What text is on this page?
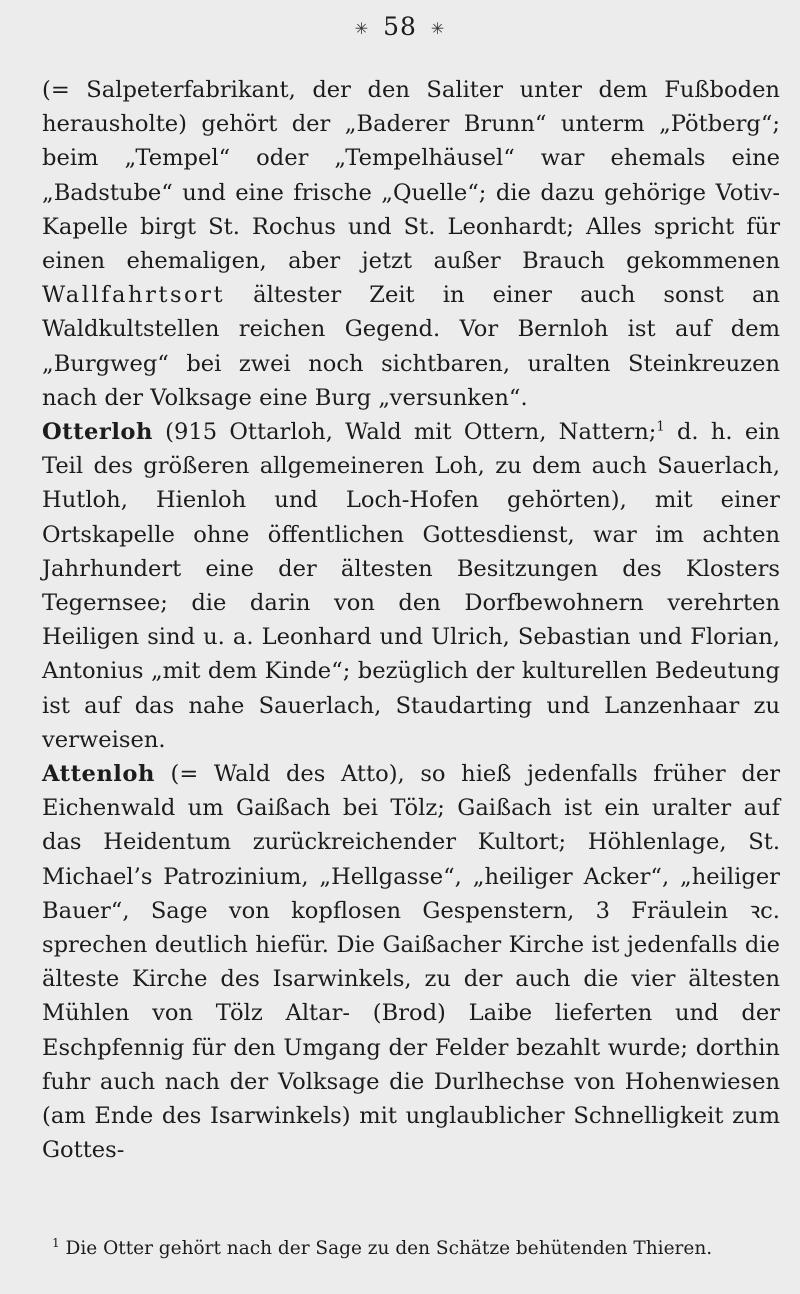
✳ 58 ✳

(= Salpeterfabrikant, der den Saliter unter dem Fußboden herausholte) gehört der „Baderer Brunn“ unterm „Pötberg“; beim „Tempel“ oder „Tempelhäusel“ war ehemals eine „Badstube“ und eine frische „Quelle“; die dazu gehörige Votiv-Kapelle birgt St. Rochus und St. Leonhardt; Alles spricht für einen ehemaligen, aber jetzt außer Brauch gekommenen Wallfahrtsort ältester Zeit in einer auch sonst an Waldkultstellen reichen Gegend. Vor Bernloh ist auf dem „Burgweg“ bei zwei noch sichtbaren, uralten Steinkreuzen nach der Volksage eine Burg „versunken“.

Otterloh (915 Ottarloh, Wald mit Ottern, Nattern;$^1$ d. h. ein Teil des größeren allgemeineren Loh, zu dem auch Sauerlach, Hutloh, Hienloh und Loch-Hofen gehörten), mit einer Ortskapelle ohne öffentlichen Gottesdienst, war im achten Jahrhundert eine der ältesten Besitzungen des Klosters Tegernsee; die darin von den Dorfbewohnern verehrten Heiligen sind u. a. Leonhard und Ulrich, Sebastian und Florian, Antonius „mit dem Kinde“; bezüglich der kulturellen Bedeutung ist auf das nahe Sauerlach, Staudarting und Lanzenhaar zu verweisen.

Attenloh (= Wald des Atto), so hieß jedenfalls früher der Eichenwald um Gaißach bei Tölz; Gaißach ist ein uralter auf das Heidentum zurückreichender Kultort; Höhlenlage, St. Michael’s Patrozinium, „Hellgasse“, „heiliger Acker“, „heiliger Bauer“, Sage von kopflosen Gespenstern, 3 Fräulein ꝛc. sprechen deutlich hiefür. Die Gaißacher Kirche ist jedenfalls die älteste Kirche des Isarwinkels, zu der auch die vier ältesten Mühlen von Tölz Altar- (Brod) Laibe lieferten und der Eschpfennig für den Umgang der Felder bezahlt wurde; dorthin fuhr auch nach der Volksage die Durlhechse von Hohenwiesen (am Ende des Isarwinkels) mit unglaublicher Schnelligkeit zum Gottes-

$^1$ Die Otter gehört nach der Sage zu den Schätze behütenden Thieren.
